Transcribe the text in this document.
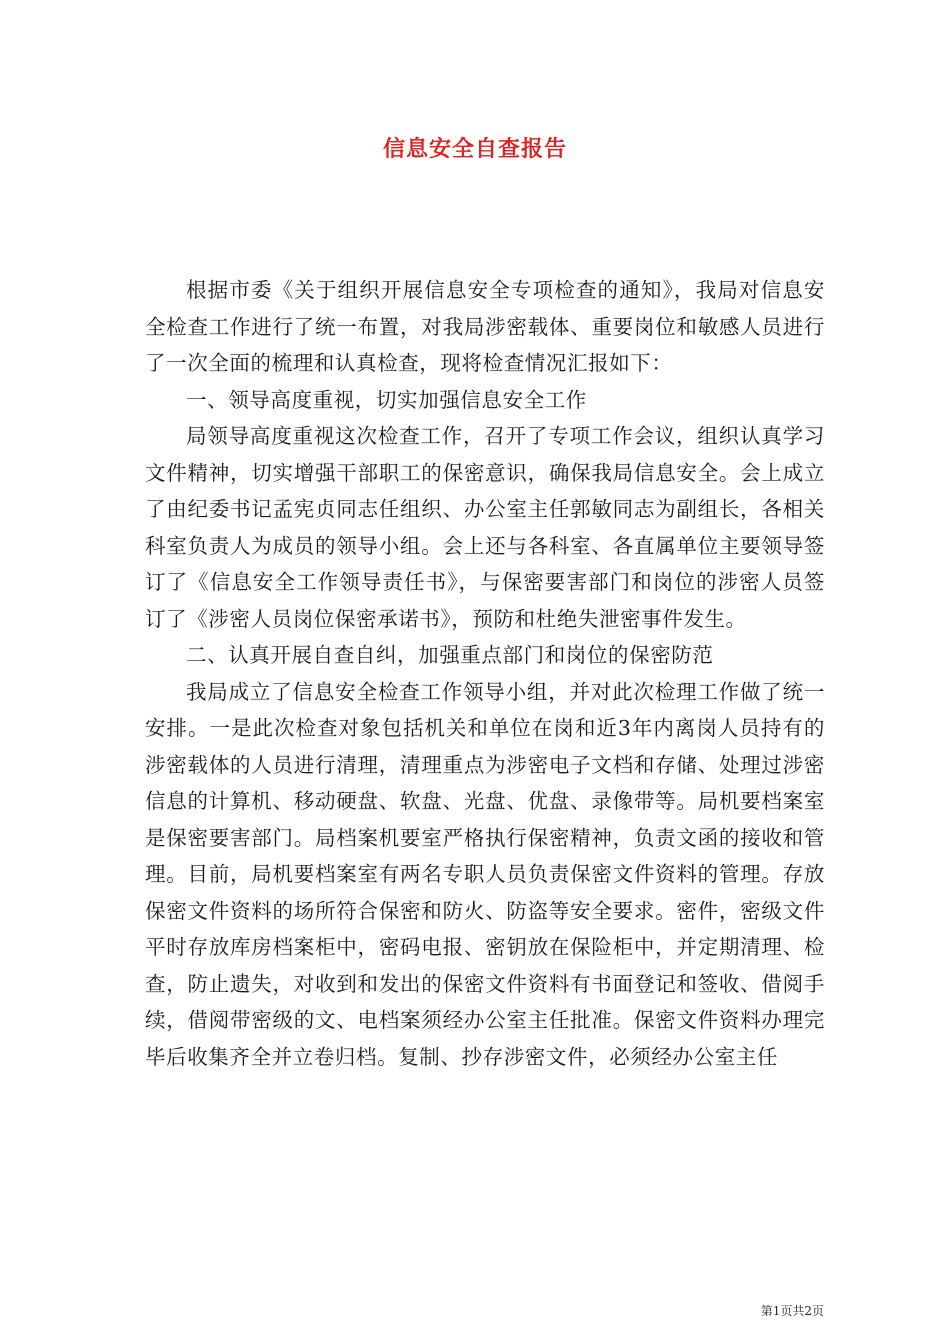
信息安全自查报告

根据市委《关于组织开展信息安全专项检查的通知》，我局对信息安全检查工作进行了统一布置，对我局涉密载体、重要岗位和敏感人员进行了一次全面的梳理和认真检查，现将检查情况汇报如下：

一、领导高度重视，切实加强信息安全工作

局领导高度重视这次检查工作，召开了专项工作会议，组织认真学习文件精神，切实增强干部职工的保密意识，确保我局信息安全。会上成立了由纪委书记孟宪贞同志任组织、办公室主任郭敏同志为副组长，各相关科室负责人为成员的领导小组。会上还与各科室、各直属单位主要领导签订了《信息安全工作领导责任书》，与保密要害部门和岗位的涉密人员签订了《涉密人员岗位保密承诺书》，预防和杜绝失泄密事件发生。

二、认真开展自查自纠，加强重点部门和岗位的保密防范

我局成立了信息安全检查工作领导小组，并对此次检理工作做了统一安排。一是此次检查对象包括机关和单位在岗和近3年内离岗人员持有的涉密载体的人员进行清理，清理重点为涉密电子文档和存储、处理过涉密信息的计算机、移动硬盘、软盘、光盘、优盘、录像带等。局机要档案室是保密要害部门。局档案机要室严格执行保密精神，负责文函的接收和管理。目前，局机要档案室有两名专职人员负责保密文件资料的管理。存放保密文件资料的场所符合保密和防火、防盗等安全要求。密件，密级文件平时存放库房档案柜中，密码电报、密钥放在保险柜中，并定期清理、检查，防止遗失，对收到和发出的保密文件资料有书面登记和签收、借阅手续，借阅带密级的文、电档案须经办公室主任批准。保密文件资料办理完毕后收集齐全并立卷归档。复制、抄存涉密文件，必须经办公室主任

第1页共2页
